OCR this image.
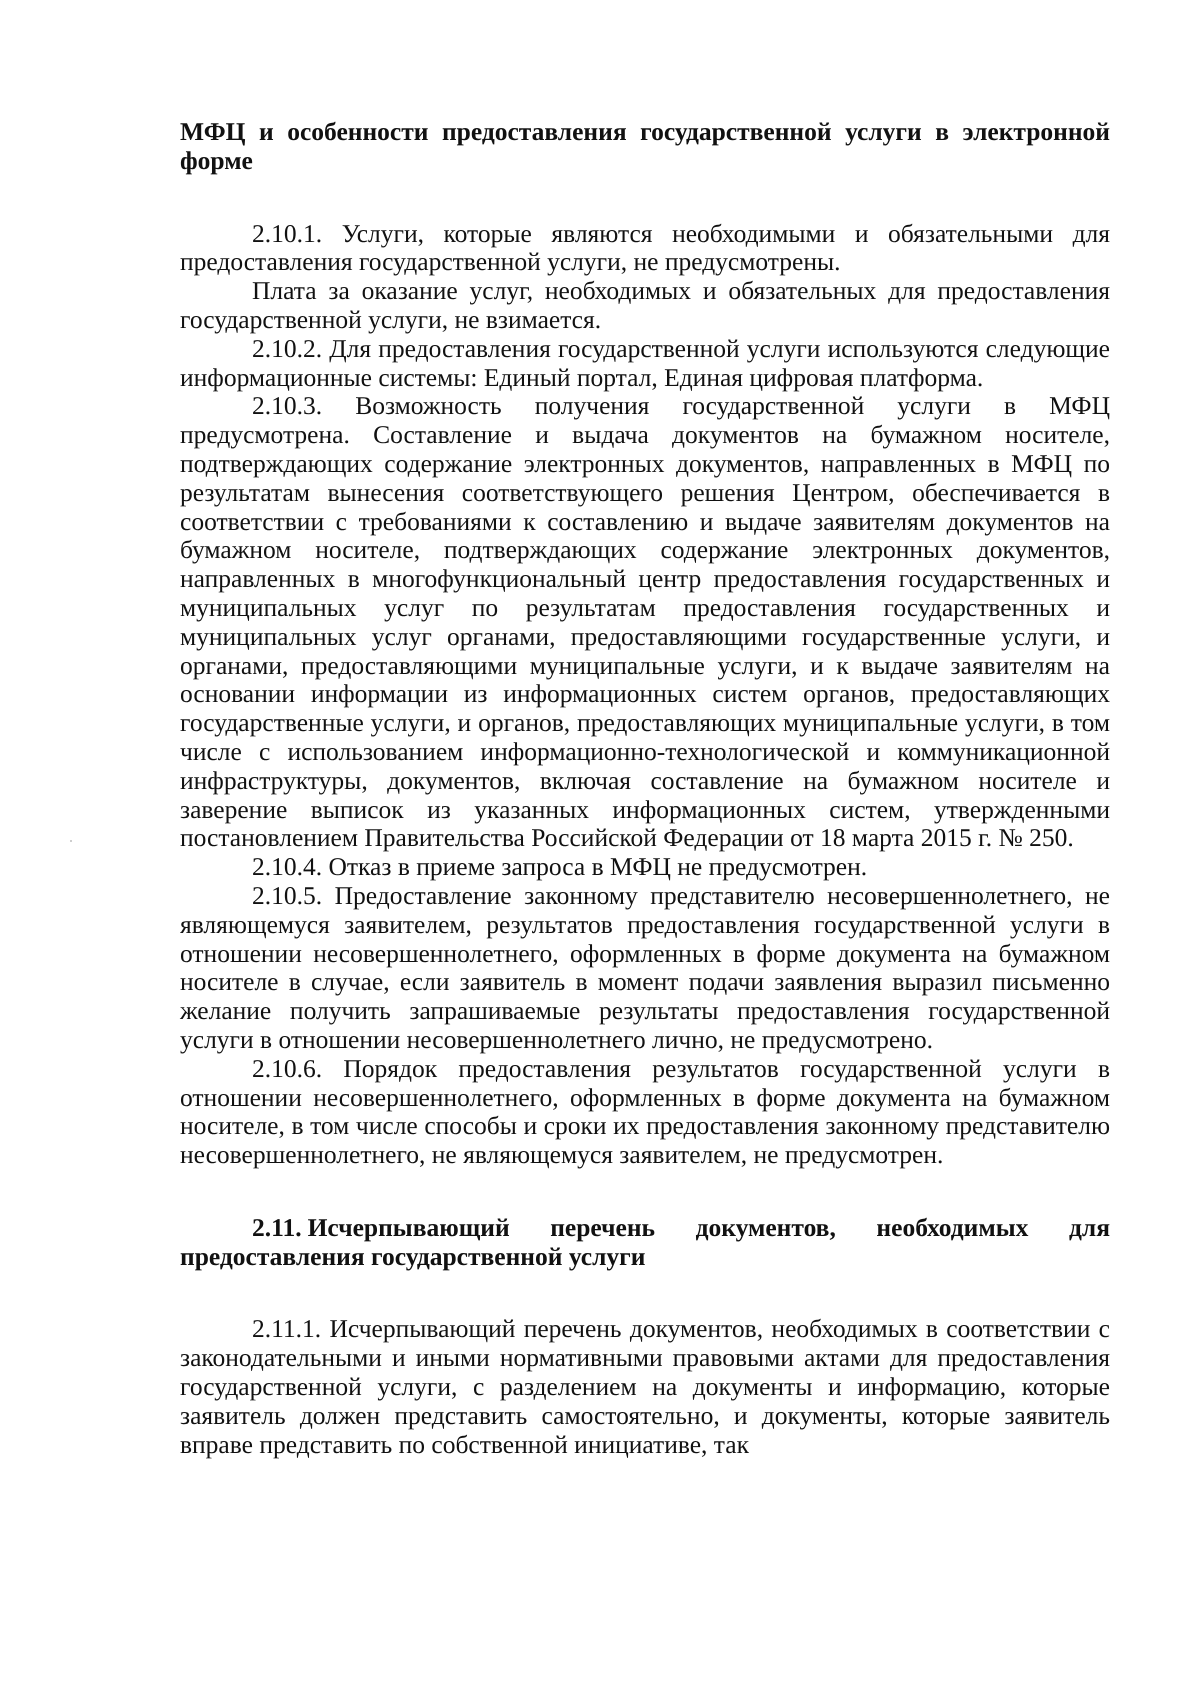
МФЦ и особенности предоставления государственной услуги в электронной форме

2.10.1. Услуги, которые являются необходимыми и обязательными для предоставления государственной услуги, не предусмотрены.

Плата за оказание услуг, необходимых и обязательных для предоставления государственной услуги, не взимается.

2.10.2. Для предоставления государственной услуги используются следующие информационные системы: Единый портал, Единая цифровая платформа.

2.10.3. Возможность получения государственной услуги в МФЦ предусмотрена. Составление и выдача документов на бумажном носителе, подтверждающих содержание электронных документов, направленных в МФЦ по результатам вынесения соответствующего решения Центром, обеспечивается в соответствии с требованиями к составлению и выдаче заявителям документов на бумажном носителе, подтверждающих содержание электронных документов, направленных в многофункциональный центр предоставления государственных и муниципальных услуг по результатам предоставления государственных и муниципальных услуг органами, предоставляющими государственные услуги, и органами, предоставляющими муниципальные услуги, и к выдаче заявителям на основании информации из информационных систем органов, предоставляющих государственные услуги, и органов, предоставляющих муниципальные услуги, в том числе с использованием информационно-технологической и коммуникационной инфраструктуры, документов, включая составление на бумажном носителе и заверение выписок из указанных информационных систем, утвержденными постановлением Правительства Российской Федерации от 18 марта 2015 г. № 250.

2.10.4. Отказ в приеме запроса в МФЦ не предусмотрен.

2.10.5. Предоставление законному представителю несовершеннолетнего, не являющемуся заявителем, результатов предоставления государственной услуги в отношении несовершеннолетнего, оформленных в форме документа на бумажном носителе в случае, если заявитель в момент подачи заявления выразил письменно желание получить запрашиваемые результаты предоставления государственной услуги в отношении несовершеннолетнего лично, не предусмотрено.

2.10.6. Порядок предоставления результатов государственной услуги в отношении несовершеннолетнего, оформленных в форме документа на бумажном носителе, в том числе способы и сроки их предоставления законному представителю несовершеннолетнего, не являющемуся заявителем, не предусмотрен.

2.11. Исчерпывающий перечень документов, необходимых для предоставления государственной услуги

2.11.1. Исчерпывающий перечень документов, необходимых в соответствии с законодательными и иными нормативными правовыми актами для предоставления государственной услуги, с разделением на документы и информацию, которые заявитель должен представить самостоятельно, и документы, которые заявитель вправе представить по собственной инициативе, так
